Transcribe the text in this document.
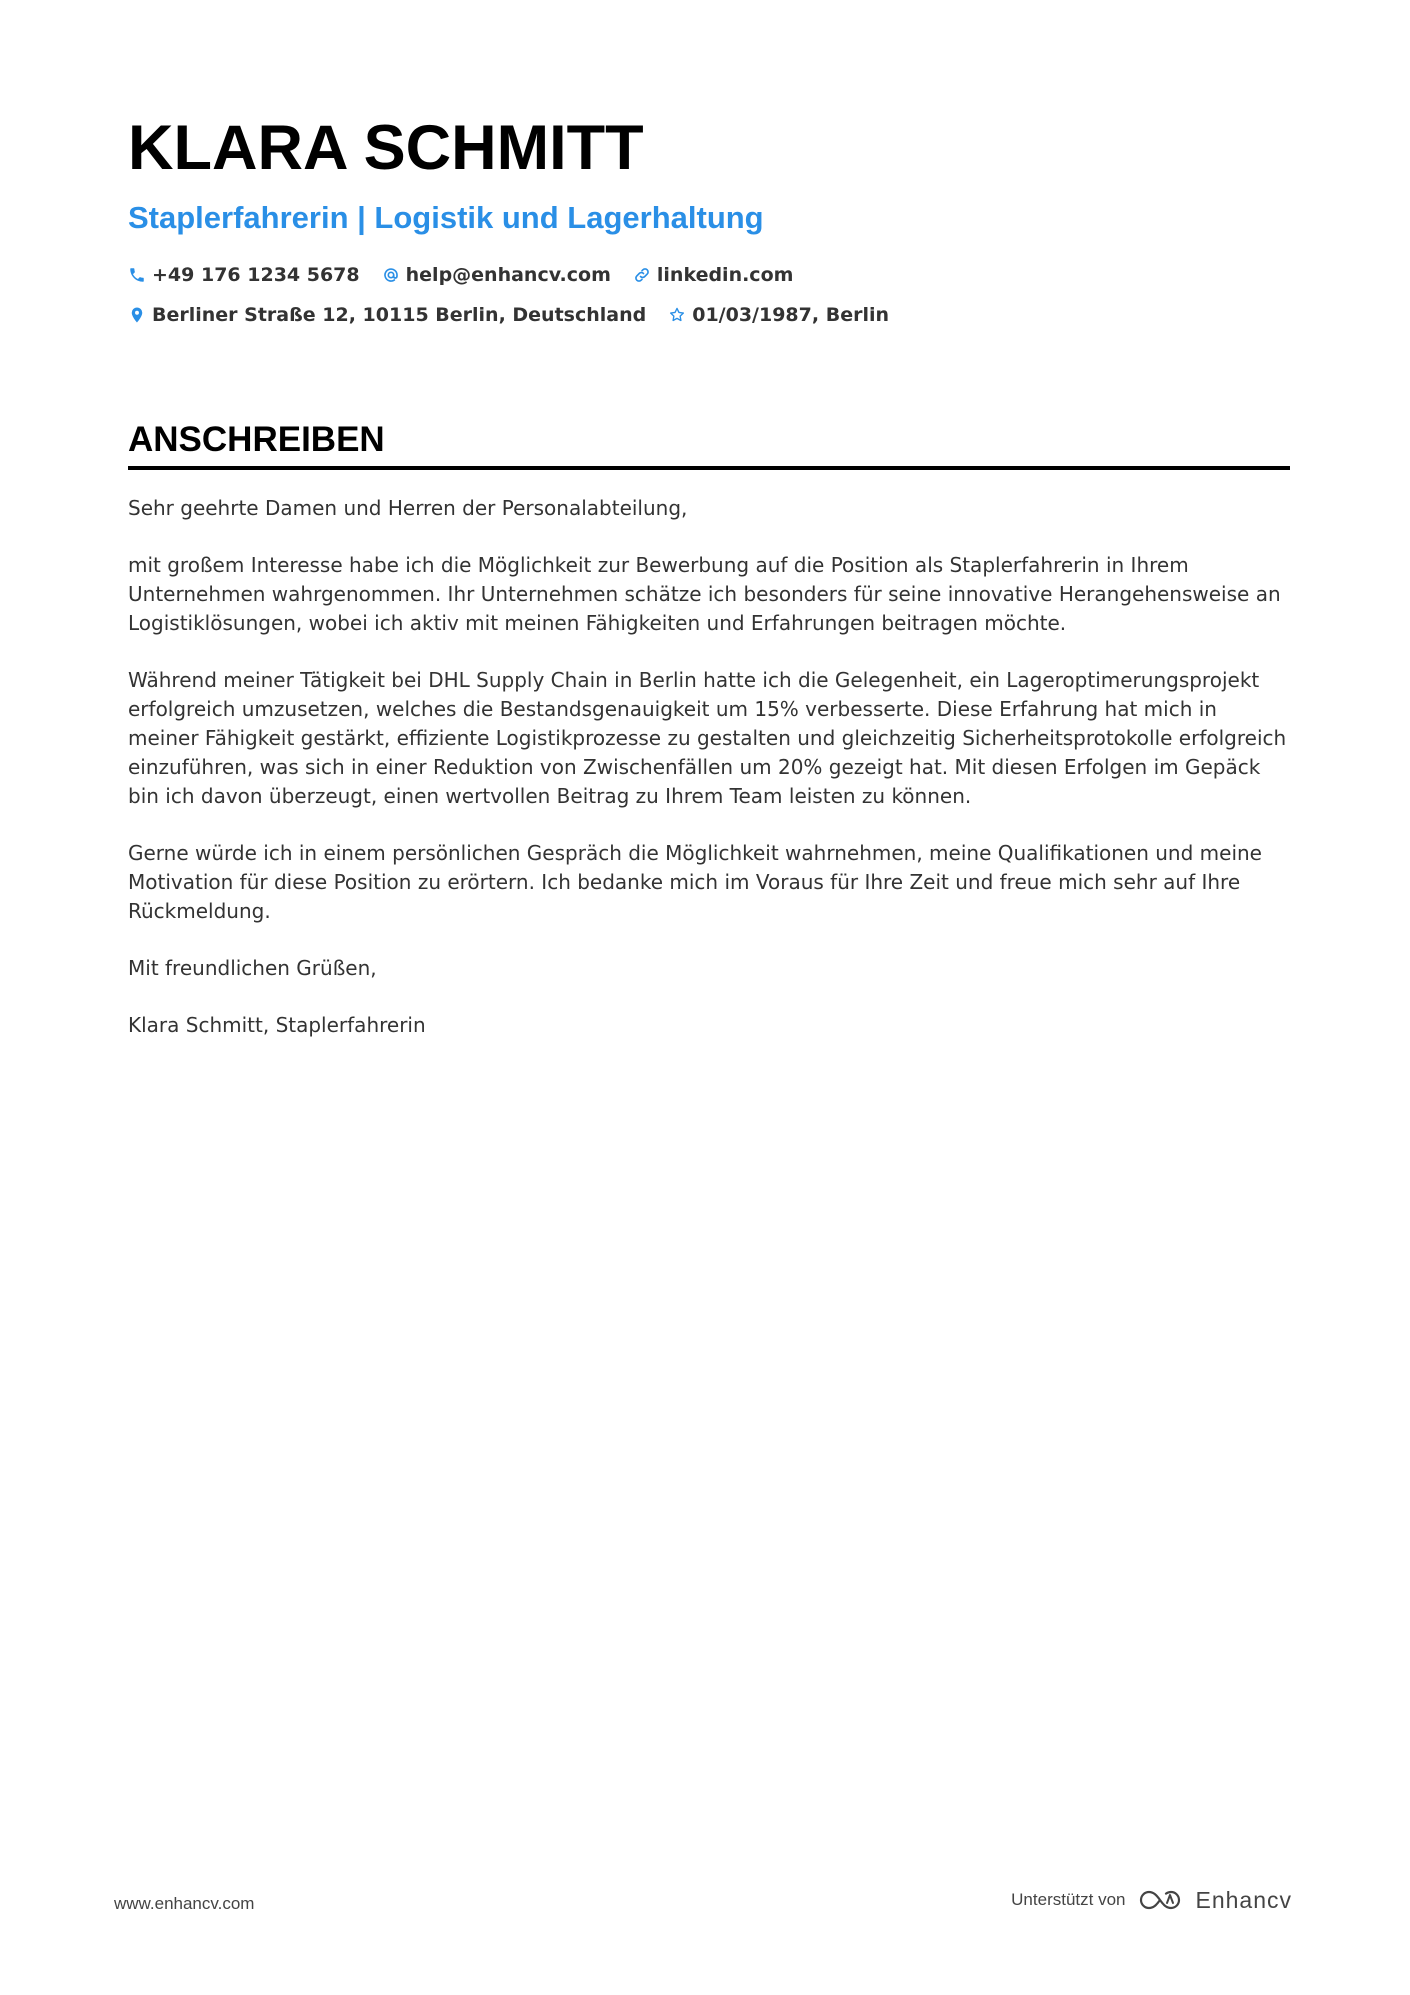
KLARA SCHMITT
Staplerfahrerin | Logistik und Lagerhaltung
+49 176 1234 5678 help@enhancv.com linkedin.com
Berliner Straße 12, 10115 Berlin, Deutschland 01/03/1987, Berlin
ANSCHREIBEN

Sehr geehrte Damen und Herren der Personalabteilung,

mit großem Interesse habe ich die Möglichkeit zur Bewerbung auf die Position als Staplerfahrerin in Ihrem Unternehmen wahrgenommen. Ihr Unternehmen schätze ich besonders für seine innovative Herangehensweise an Logistiklösungen, wobei ich aktiv mit meinen Fähigkeiten und Erfahrungen beitragen möchte.

Während meiner Tätigkeit bei DHL Supply Chain in Berlin hatte ich die Gelegenheit, ein Lageroptimerungsprojekt erfolgreich umzusetzen, welches die Bestandsgenauigkeit um 15% verbesserte. Diese Erfahrung hat mich in meiner Fähigkeit gestärkt, effiziente Logistikprozesse zu gestalten und gleichzeitig Sicherheitsprotokolle erfolgreich einzuführen, was sich in einer Reduktion von Zwischenfällen um 20% gezeigt hat. Mit diesen Erfolgen im Gepäck bin ich davon überzeugt, einen wertvollen Beitrag zu Ihrem Team leisten zu können.

Gerne würde ich in einem persönlichen Gespräch die Möglichkeit wahrnehmen, meine Qualifikationen und meine Motivation für diese Position zu erörtern. Ich bedanke mich im Voraus für Ihre Zeit und freue mich sehr auf Ihre Rückmeldung.

Mit freundlichen Grüßen,

Klara Schmitt, Staplerfahrerin

www.enhancv.com	Unterstützt von	Enhancv
